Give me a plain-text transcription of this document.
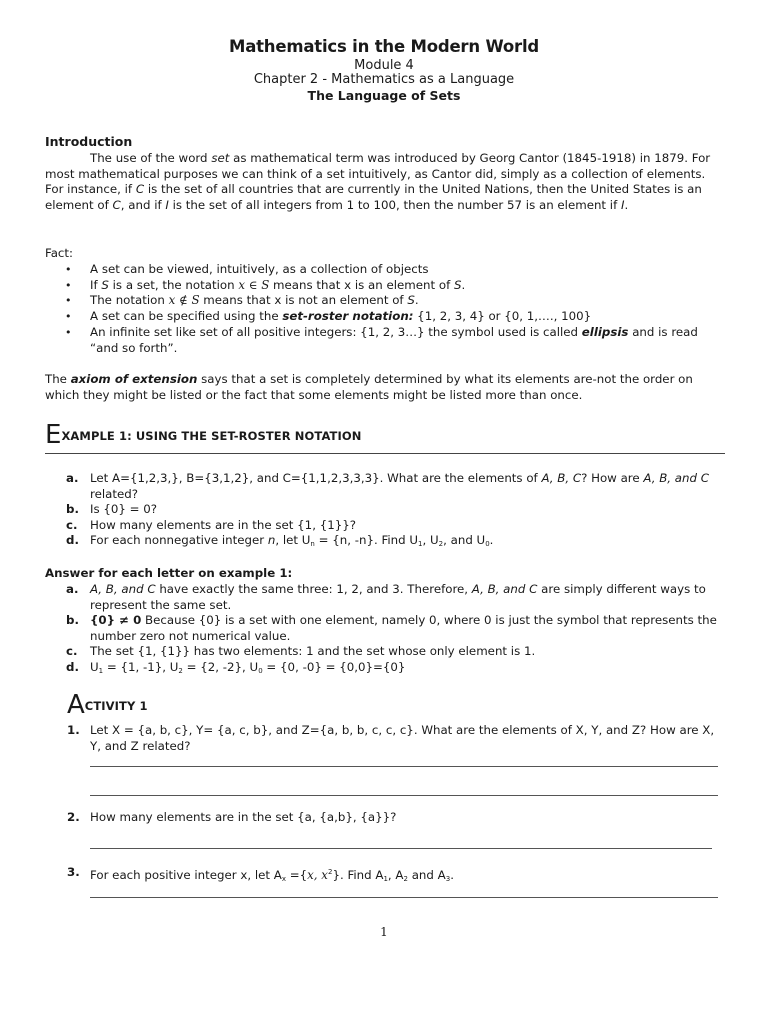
Mathematics in the Modern World
Module 4
Chapter 2 - Mathematics as a Language
The Language of Sets
Introduction
The use of the word set as mathematical term was introduced by Georg Cantor (1845-1918) in 1879. For most mathematical purposes we can think of a set intuitively, as Cantor did, simply as a collection of elements. For instance, if C is the set of all countries that are currently in the United Nations, then the United States is an element of C, and if I is the set of all integers from 1 to 100, then the number 57 is an element if I.
Fact:
• A set can be viewed, intuitively, as a collection of objects
• If S is a set, the notation x ∈ S means that x is an element of S.
• The notation x ∉ S means that x is not an element of S.
• A set can be specified using the set-roster notation: {1, 2, 3, 4} or {0, 1,…., 100}
• An infinite set like set of all positive integers: {1, 2, 3…} the symbol used is called ellipsis and is read “and so forth”.
The axiom of extension says that a set is completely determined by what its elements are-not the order on which they might be listed or the fact that some elements might be listed more than once.
EXAMPLE 1: USING THE SET-ROSTER NOTATION
a. Let A={1,2,3,}, B={3,1,2}, and C={1,1,2,3,3,3}. What are the elements of A, B, C? How are A, B, and C related?
b. Is {0} = 0?
c. How many elements are in the set {1, {1}}?
d. For each nonnegative integer n, let $U_n = \{n$, -n}. Find $U_1$, $U_2$, and $U_0$.
Answer for each letter on example 1:
a. A, B, and C have exactly the same three: 1, 2, and 3. Therefore, A, B, and C are simply different ways to represent the same set.
b. {0} ≠ 0 Because {0} is a set with one element, namely 0, where 0 is just the symbol that represents the number zero not numerical value.
c. The set {1, {1}} has two elements: 1 and the set whose only element is 1.
d. $U_1 = \{1$, -1}, $U_2 = \{2$, -2}, $U_0 = \{0$, -0} = {0,0}={0}
ACTIVITY 1
1. Let X = {a, b, c}, Y= {a, c, b}, and Z={a, b, b, c, c, c}. What are the elements of X, Y, and Z? How are X, Y, and Z related?
2. How many elements are in the set {a, {a,b}, {a}}?
3. For each positive integer x, let $A_x =\{x$, $x^2$}. Find $A_1$, $A_2$ and $A_3$.
1
